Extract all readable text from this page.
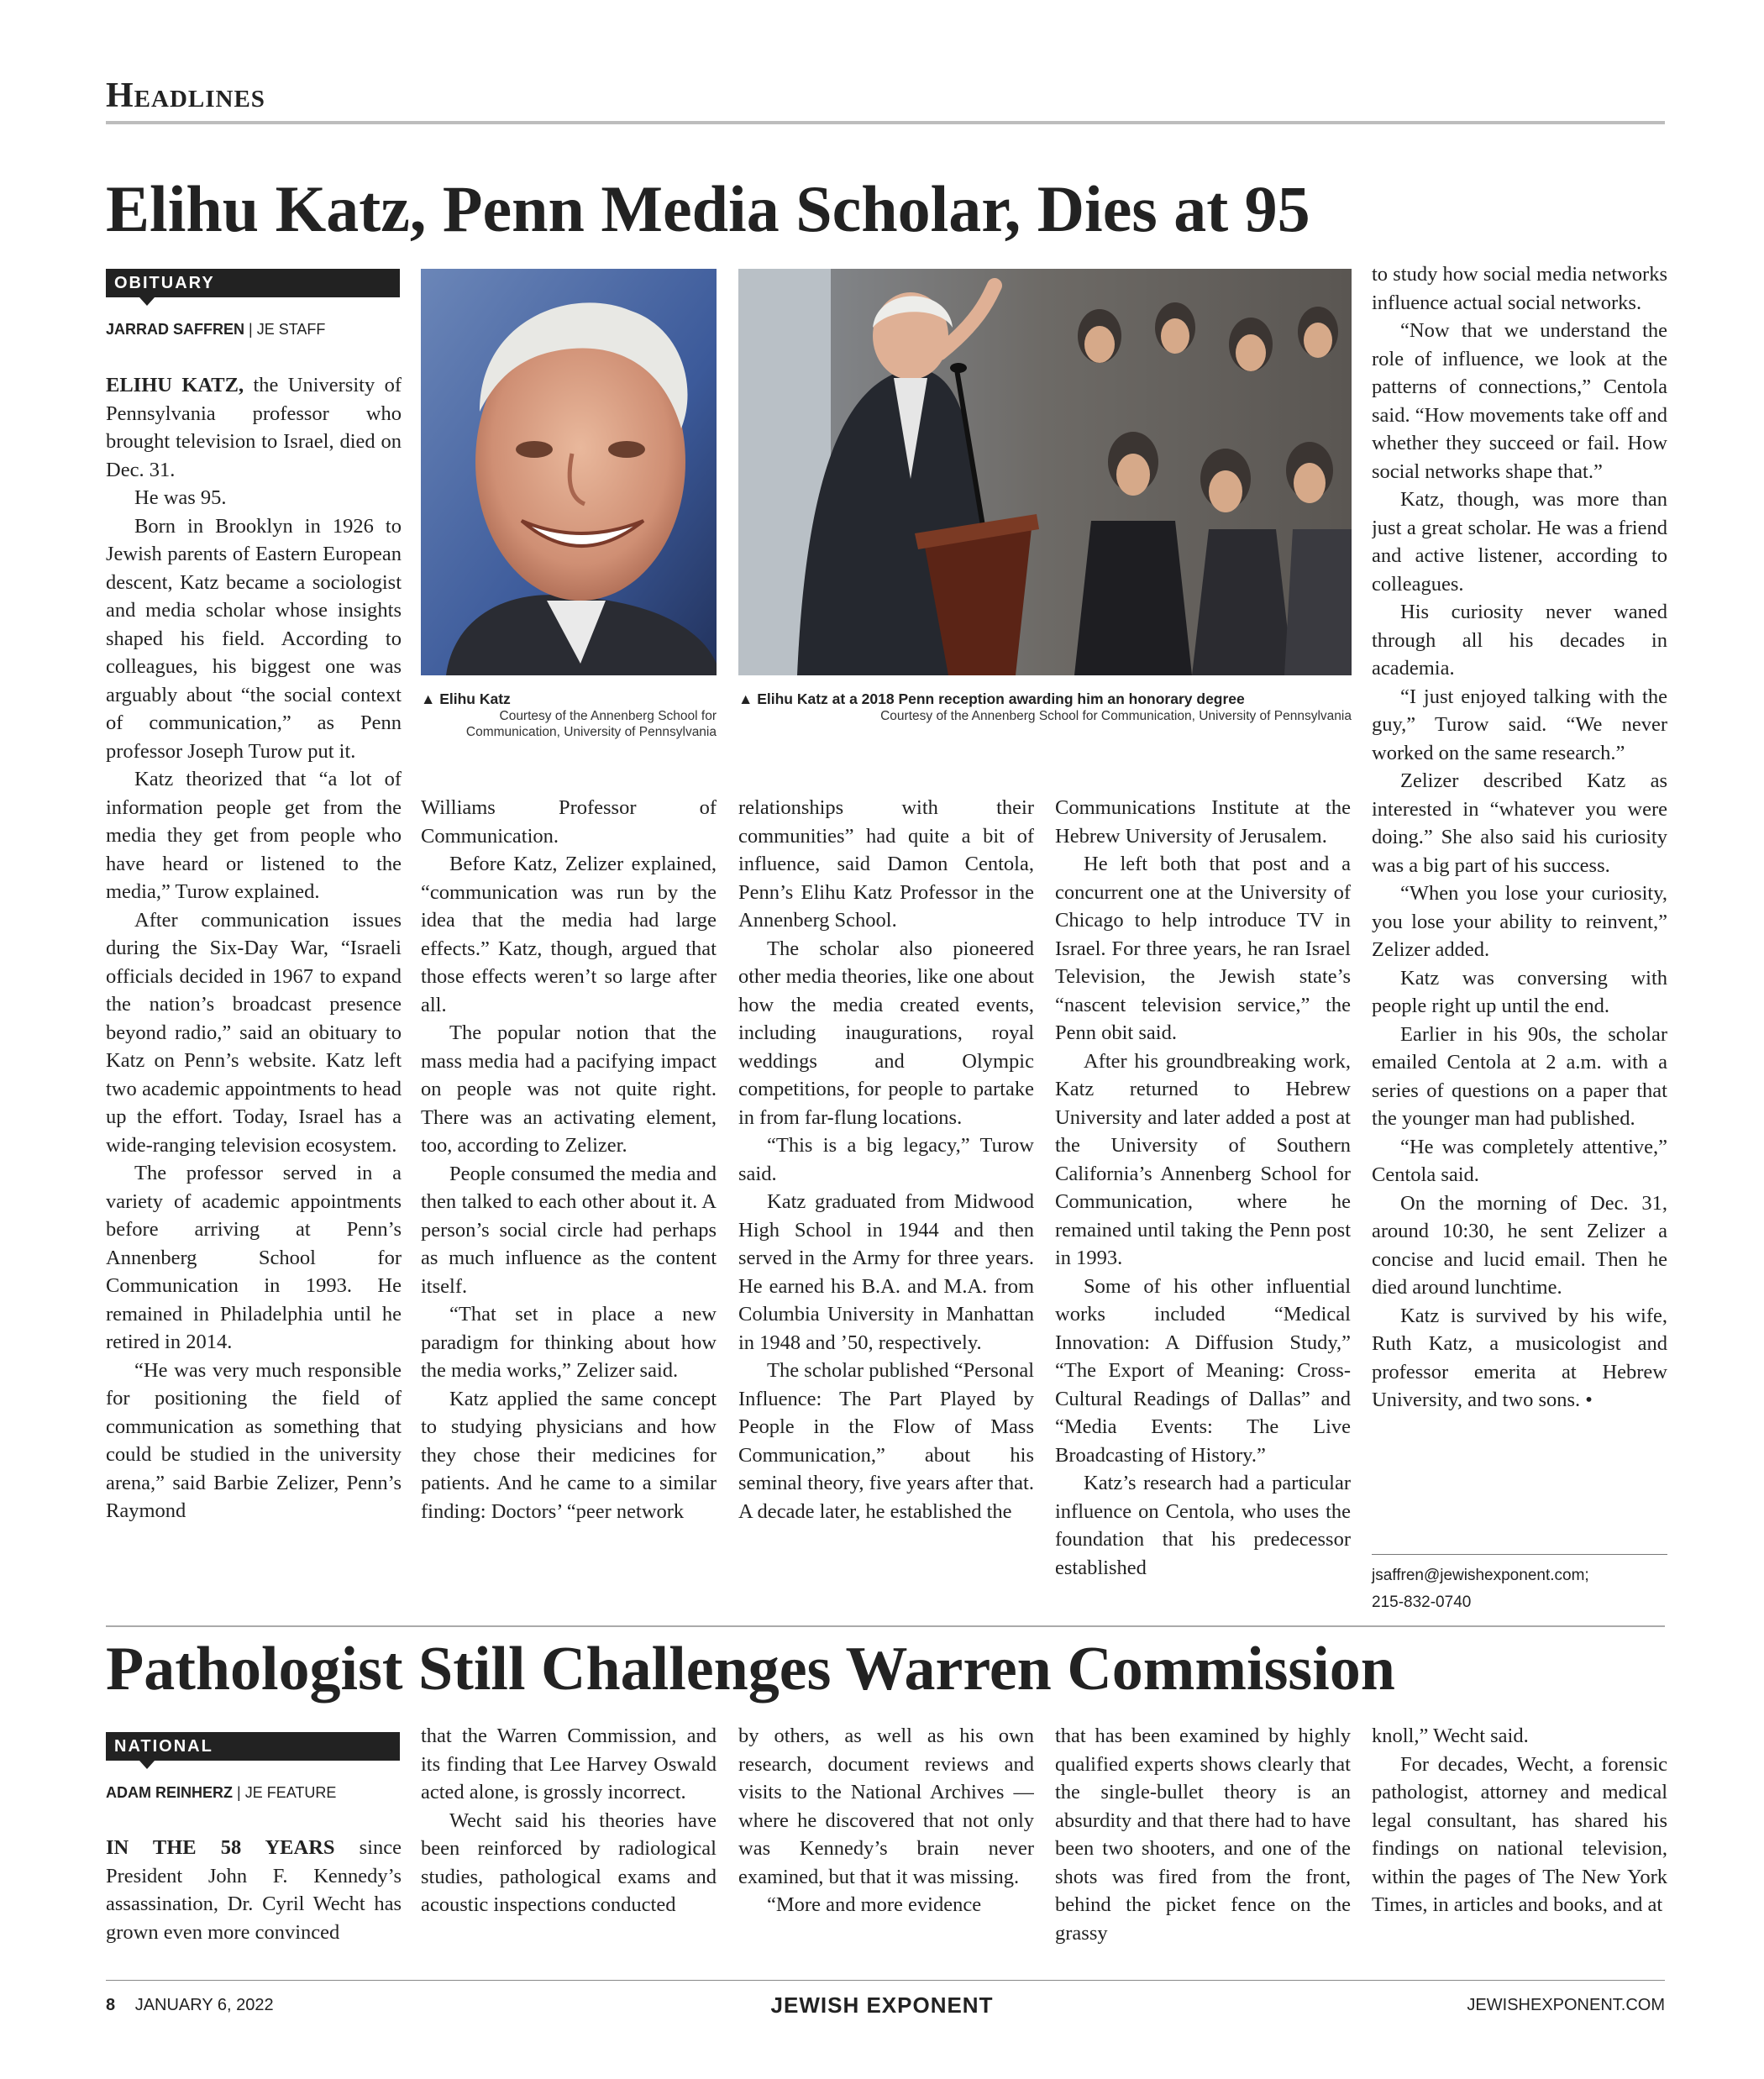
Headlines
Elihu Katz, Penn Media Scholar, Dies at 95
OBITUARY
JARRAD SAFFREN | JE STAFF
▲ Elihu Katz
Courtesy of the Annenberg School for Communication, University of Pennsylvania
▲ Elihu Katz at a 2018 Penn reception awarding him an honorary degree
Courtesy of the Annenberg School for Communication, University of Pennsylvania

ELIHU KATZ, the University of Pennsylvania professor who brought television to Israel, died on Dec. 31.

He was 95.

Born in Brooklyn in 1926 to Jewish parents of Eastern European descent, Katz became a sociologist and media scholar whose insights shaped his field. According to colleagues, his biggest one was arguably about “the social context of communication,” as Penn professor Joseph Turow put it.

Katz theorized that “a lot of information people get from the media they get from people who have heard or listened to the media,” Turow explained.

After communication issues during the Six-Day War, “Israeli officials decided in 1967 to expand the nation’s broadcast presence beyond radio,” said an obituary to Katz on Penn’s website. Katz left two academic appointments to head up the effort. Today, Israel has a wide-ranging television ecosystem.

The professor served in a variety of academic appointments before arriving at Penn’s Annenberg School for Communication in 1993. He remained in Philadelphia until he retired in 2014.

“He was very much responsible for positioning the field of communication as something that could be studied in the university arena,” said Barbie Zelizer, Penn’s Raymond

Williams Professor of Communication.

Before Katz, Zelizer explained, “communication was run by the idea that the media had large effects.” Katz, though, argued that those effects weren’t so large after all.

The popular notion that the mass media had a pacifying impact on people was not quite right. There was an activating element, too, according to Zelizer.

People consumed the media and then talked to each other about it. A person’s social circle had perhaps as much influence as the content itself.

“That set in place a new paradigm for thinking about how the media works,” Zelizer said.

Katz applied the same concept to studying physicians and how they chose their medicines for patients. And he came to a similar finding: Doctors’ “peer network

relationships with their communities” had quite a bit of influence, said Damon Centola, Penn’s Elihu Katz Professor in the Annenberg School.

The scholar also pioneered other media theories, like one about how the media created events, including inaugurations, royal weddings and Olympic competitions, for people to partake in from far-flung locations.

“This is a big legacy,” Turow said.

Katz graduated from Midwood High School in 1944 and then served in the Army for three years. He earned his B.A. and M.A. from Columbia University in Manhattan in 1948 and ’50, respectively.

The scholar published “Personal Influence: The Part Played by People in the Flow of Mass Communication,” about his seminal theory, five years after that. A decade later, he established the

Communications Institute at the Hebrew University of Jerusalem.

He left both that post and a concurrent one at the University of Chicago to help introduce TV in Israel. For three years, he ran Israel Television, the Jewish state’s “nascent television service,” the Penn obit said.

After his groundbreaking work, Katz returned to Hebrew University and later added a post at the University of Southern California’s Annenberg School for Communication, where he remained until taking the Penn post in 1993.

Some of his other influential works included “Medical Innovation: A Diffusion Study,” “The Export of Meaning: Cross-Cultural Readings of Dallas” and “Media Events: The Live Broadcasting of History.”

Katz’s research had a particular influence on Centola, who uses the foundation that his predecessor established

to study how social media networks influence actual social networks.

“Now that we understand the role of influence, we look at the patterns of connections,” Centola said. “How movements take off and whether they succeed or fail. How social networks shape that.”

Katz, though, was more than just a great scholar. He was a friend and active listener, according to colleagues.

His curiosity never waned through all his decades in academia.

“I just enjoyed talking with the guy,” Turow said. “We never worked on the same research.”

Zelizer described Katz as interested in “whatever you were doing.” She also said his curiosity was a big part of his success.

“When you lose your curiosity, you lose your ability to reinvent,” Zelizer added.

Katz was conversing with people right up until the end.

Earlier in his 90s, the scholar emailed Centola at 2 a.m. with a series of questions on a paper that the younger man had published.

“He was completely attentive,” Centola said.

On the morning of Dec. 31, around 10:30, he sent Zelizer a concise and lucid email. Then he died around lunchtime.

Katz is survived by his wife, Ruth Katz, a musicologist and professor emerita at Hebrew University, and two sons. •

jsaffren@jewishexponent.com;
215-832-0740
Pathologist Still Challenges Warren Commission
NATIONAL
ADAM REINHERZ | JE FEATURE

IN THE 58 YEARS since President John F. Kennedy’s assassination, Dr. Cyril Wecht has grown even more convinced

that the Warren Commission, and its finding that Lee Harvey Oswald acted alone, is grossly incorrect.

Wecht said his theories have been reinforced by radiological studies, pathological exams and acoustic inspections conducted

by others, as well as his own research, document reviews and visits to the National Archives — where he discovered that not only was Kennedy’s brain never examined, but that it was missing.

“More and more evidence

that has been examined by highly qualified experts shows clearly that the single-bullet theory is an absurdity and that there had to have been two shooters, and one of the shots was fired from the front, behind the picket fence on the grassy

knoll,” Wecht said.

For decades, Wecht, a forensic pathologist, attorney and medical legal consultant, has shared his findings on national television, within the pages of The New York Times, in articles and books, and at

8 JANUARY 6, 2022	JEWISH EXPONENT	JEWISHEXPONENT.COM
